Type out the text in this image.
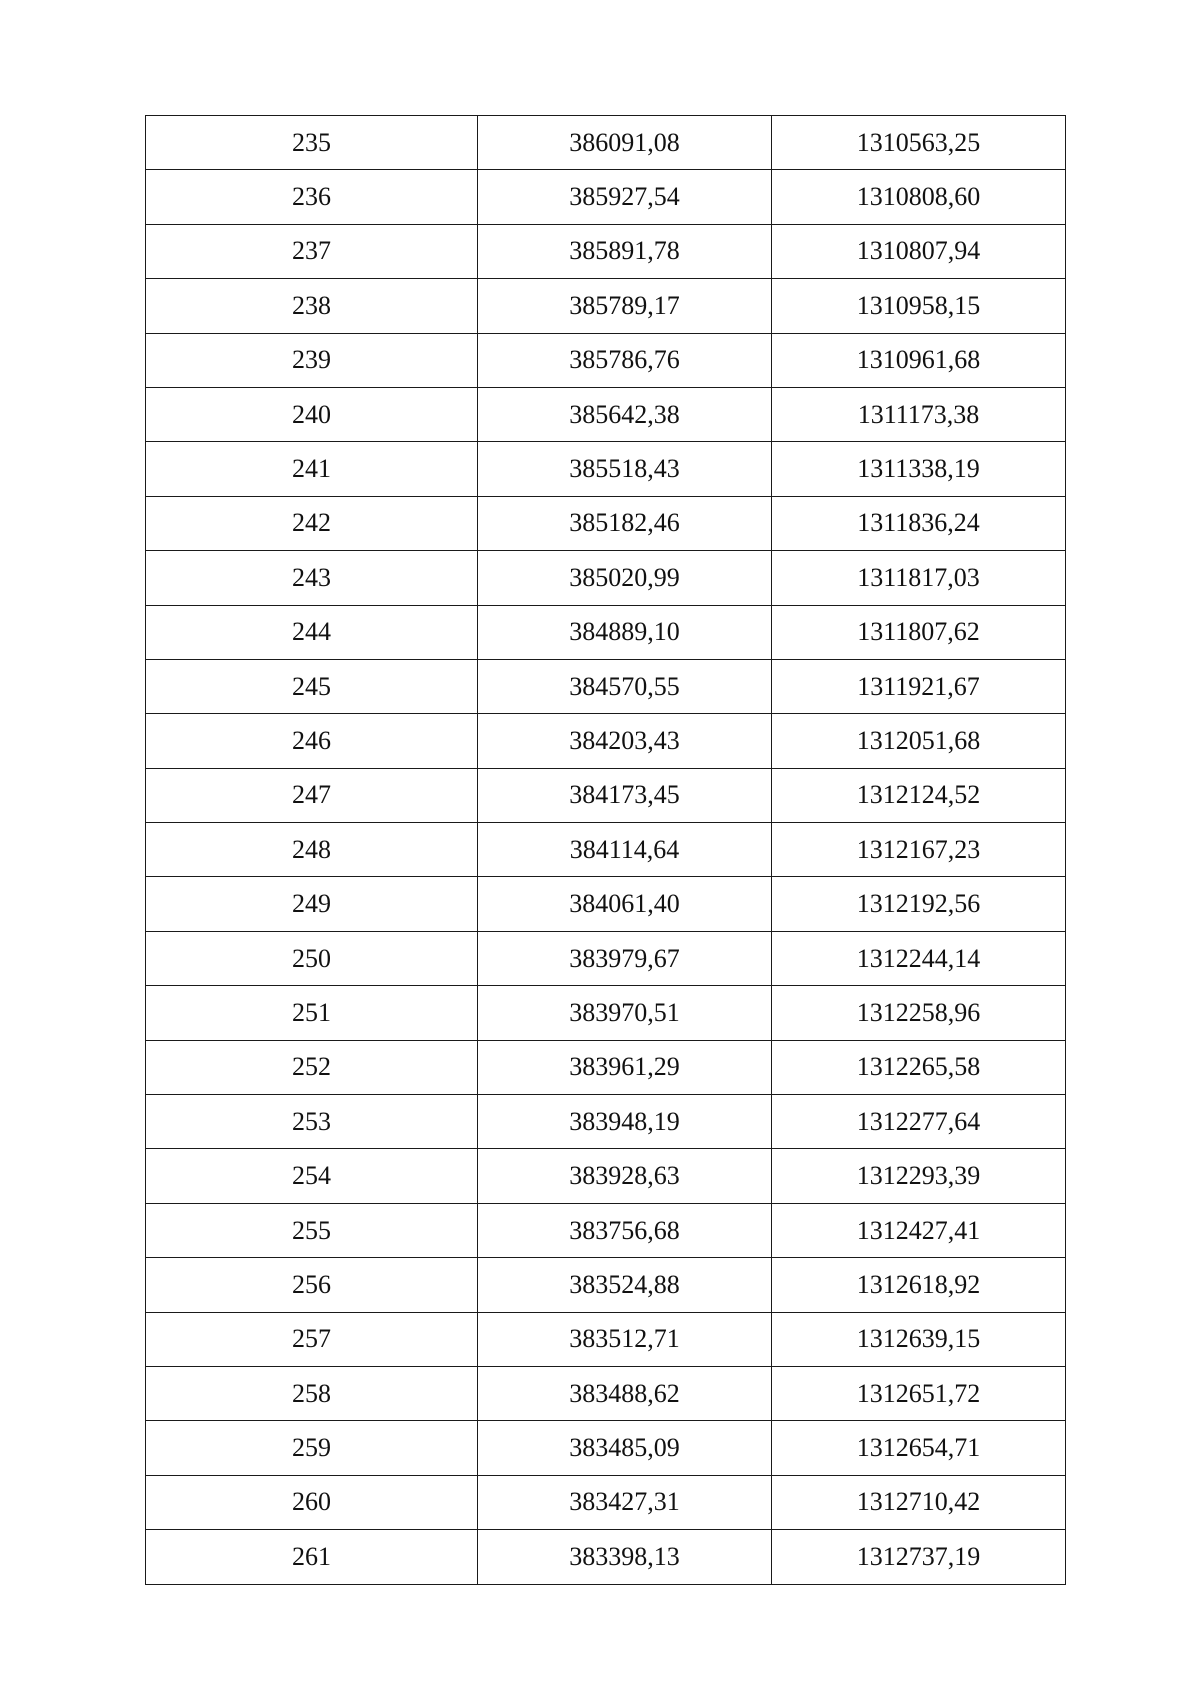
235	386091,08	1310563,25
236	385927,54	1310808,60
237	385891,78	1310807,94
238	385789,17	1310958,15
239	385786,76	1310961,68
240	385642,38	1311173,38
241	385518,43	1311338,19
242	385182,46	1311836,24
243	385020,99	1311817,03
244	384889,10	1311807,62
245	384570,55	1311921,67
246	384203,43	1312051,68
247	384173,45	1312124,52
248	384114,64	1312167,23
249	384061,40	1312192,56
250	383979,67	1312244,14
251	383970,51	1312258,96
252	383961,29	1312265,58
253	383948,19	1312277,64
254	383928,63	1312293,39
255	383756,68	1312427,41
256	383524,88	1312618,92
257	383512,71	1312639,15
258	383488,62	1312651,72
259	383485,09	1312654,71
260	383427,31	1312710,42
261	383398,13	1312737,19
